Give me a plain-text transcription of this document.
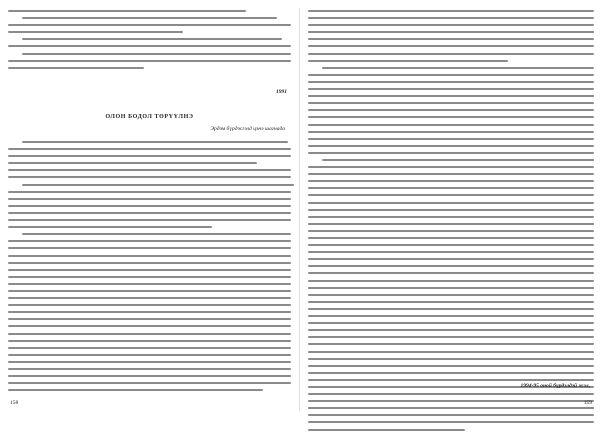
1991
ОЛОН БОДОЛ ТӨРҮҮЛНЭ
Эрдэм бүрдэсгэлд цэнэ шагнада
158
1994-95 оной бүрдэлдэй жэл.
159
